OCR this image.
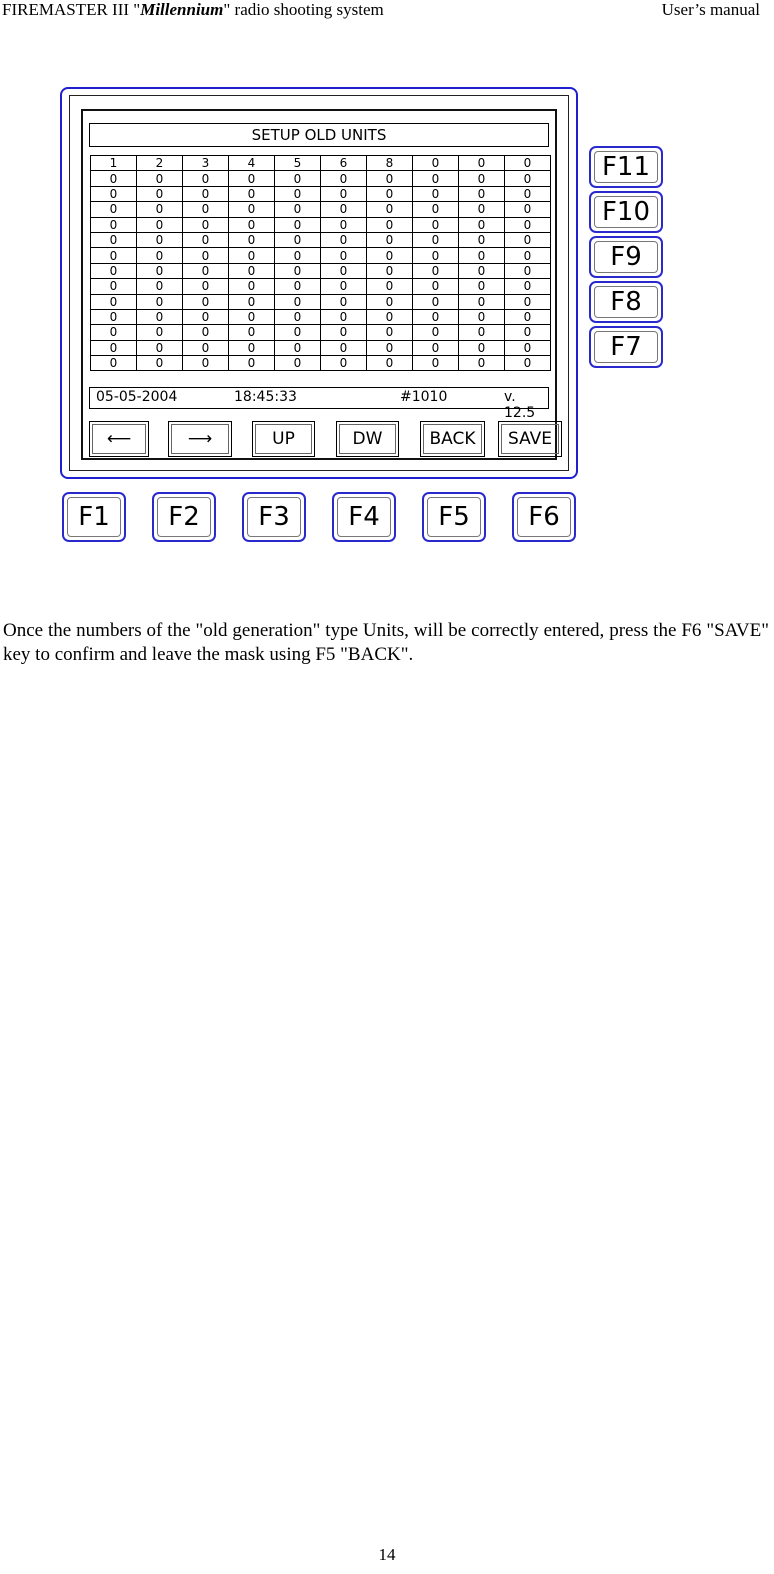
FIREMASTER III "Millennium" radio shooting system	User’s manual
SETUP OLD UNITS
1	2	3	4	5	6	8	0	0	0
0	0	0	0	0	0	0	0	0	0
0	0	0	0	0	0	0	0	0	0
0	0	0	0	0	0	0	0	0	0
0	0	0	0	0	0	0	0	0	0
0	0	0	0	0	0	0	0	0	0
0	0	0	0	0	0	0	0	0	0
0	0	0	0	0	0	0	0	0	0
0	0	0	0	0	0	0	0	0	0
0	0	0	0	0	0	0	0	0	0
0	0	0	0	0	0	0	0	0	0
0	0	0	0	0	0	0	0	0	0
0	0	0	0	0	0	0	0	0	0
0	0	0	0	0	0	0	0	0	0
05-05-2004	18:45:33	#1010	v. 12.5
⟵	⟶	UP	DW	BACK	SAVE
F11
F10
F9
F8
F7
F1	F2	F3	F4	F5	F6
Once the numbers of the "old generation" type Units, will be correctly entered, press the F6 "SAVE" key to confirm and leave the mask using F5 "BACK".
14
